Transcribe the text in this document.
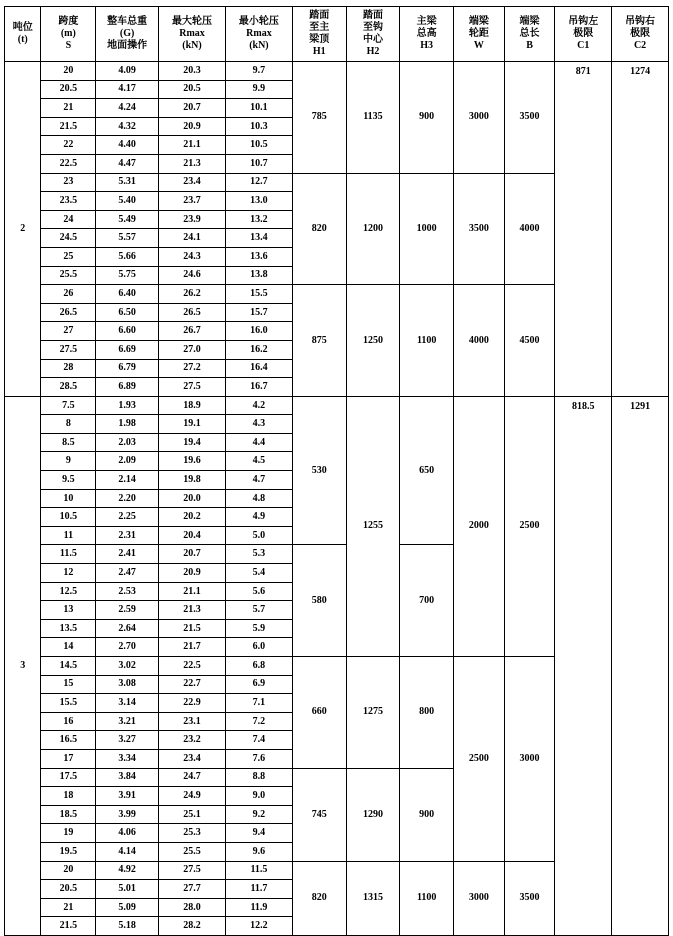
吨位
(t)	跨度
(m)
S	整车总重
(G)
地面操作	最大轮压
Rmax
(kN)	最小轮压
Rmax
(kN)	踏面
至主
梁顶
H1	踏面
至钩
中心
H2	主梁
总高
H3	端梁
轮距
W	端梁
总长
B	吊钩左
极限
C1	吊钩右
极限
C2

2	20	4.09	20.3	9.7	785	1135	900	3000	3500	871	1274
	20.5	4.17	20.5	9.9							
	21	4.24	20.7	10.1							
	21.5	4.32	20.9	10.3							
	22	4.40	21.1	10.5							
	22.5	4.47	21.3	10.7							
	23	5.31	23.4	12.7	820	1200	1000	3500	4000		
	23.5	5.40	23.7	13.0							
	24	5.49	23.9	13.2							
	24.5	5.57	24.1	13.4							
	25	5.66	24.3	13.6							
	25.5	5.75	24.6	13.8							
	26	6.40	26.2	15.5	875	1250	1100	4000	4500		
	26.5	6.50	26.5	15.7							
	27	6.60	26.7	16.0							
	27.5	6.69	27.0	16.2							
	28	6.79	27.2	16.4							
	28.5	6.89	27.5	16.7							
3	7.5	1.93	18.9	4.2	530	1255	650	2000	2500	818.5	1291
	8	1.98	19.1	4.3							
	8.5	2.03	19.4	4.4							
	9	2.09	19.6	4.5							
	9.5	2.14	19.8	4.7							
	10	2.20	20.0	4.8							
	10.5	2.25	20.2	4.9							
	11	2.31	20.4	5.0							
	11.5	2.41	20.7	5.3	580		700				
	12	2.47	20.9	5.4							
	12.5	2.53	21.1	5.6							
	13	2.59	21.3	5.7							
	13.5	2.64	21.5	5.9							
	14	2.70	21.7	6.0							
	14.5	3.02	22.5	6.8	660	1275	800	2500	3000		
	15	3.08	22.7	6.9							
	15.5	3.14	22.9	7.1							
	16	3.21	23.1	7.2							
	16.5	3.27	23.2	7.4							
	17	3.34	23.4	7.6							
	17.5	3.84	24.7	8.8	745	1290	900				
	18	3.91	24.9	9.0							
	18.5	3.99	25.1	9.2							
	19	4.06	25.3	9.4							
	19.5	4.14	25.5	9.6							
	20	4.92	27.5	11.5	820	1315	1100	3000	3500		
	20.5	5.01	27.7	11.7							
	21	5.09	28.0	11.9							
	21.5	5.18	28.2	12.2							
